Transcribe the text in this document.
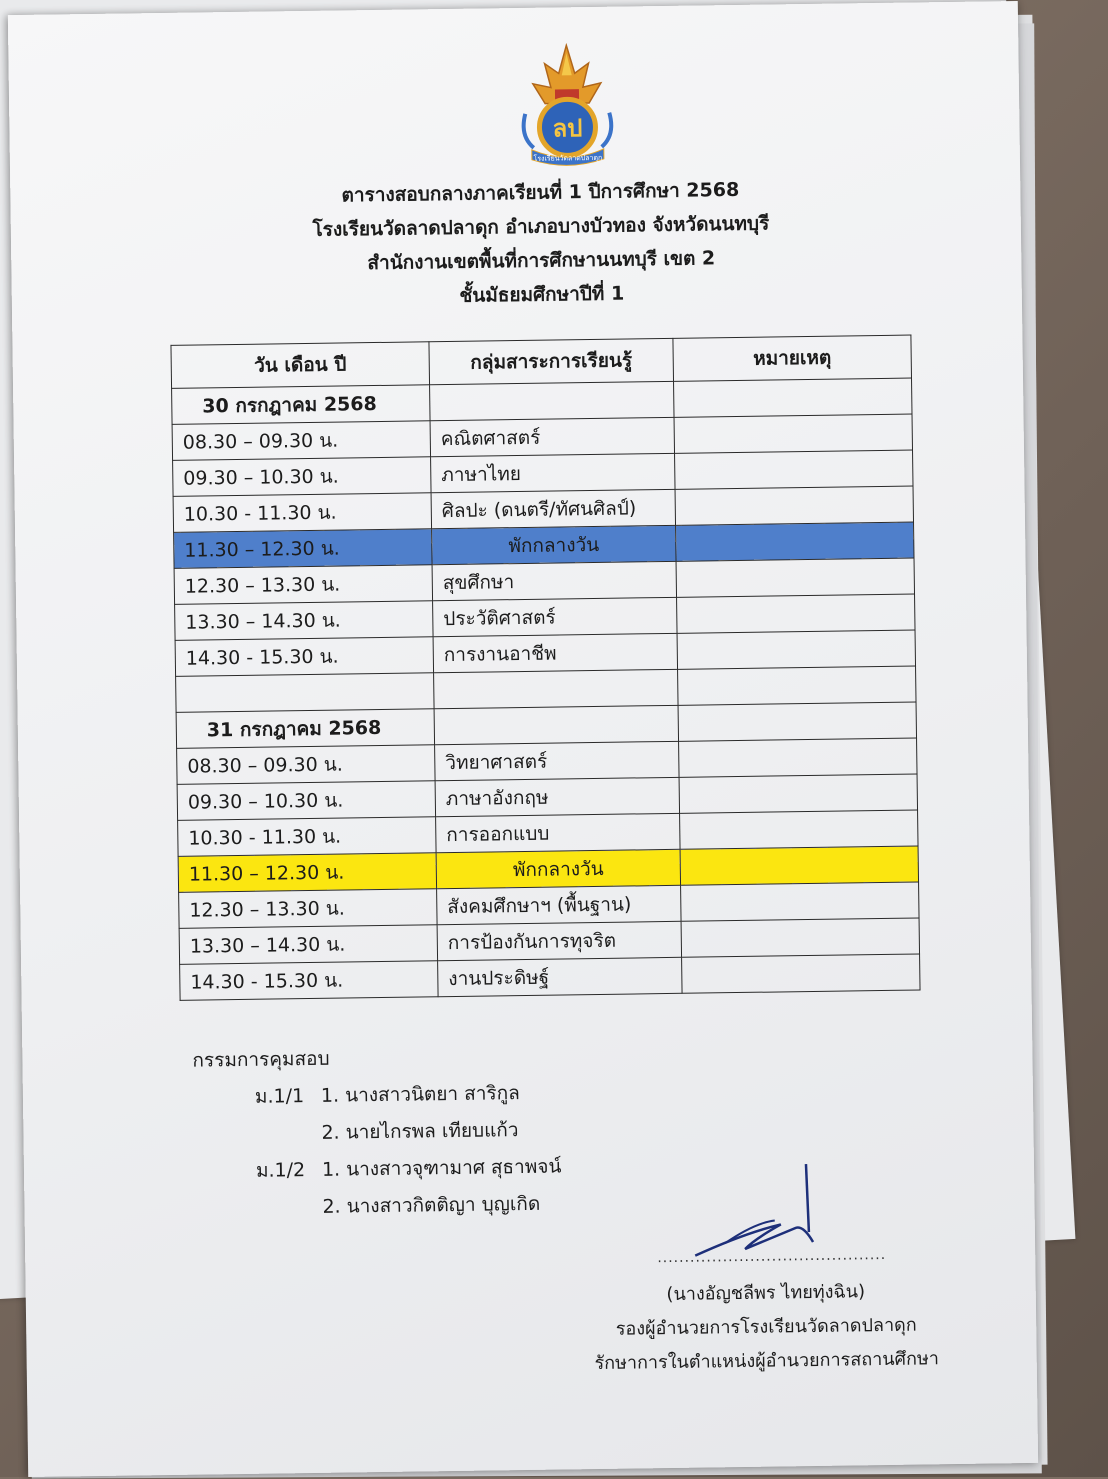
ลป
โรงเรียนวัดลาดปลาดุก
ตารางสอบกลางภาคเรียนที่ 1 ปีการศึกษา 2568
โรงเรียนวัดลาดปลาดุก อำเภอบางบัวทอง จังหวัดนนทบุรี
สำนักงานเขตพื้นที่การศึกษานนทบุรี เขต 2
ชั้นมัธยมศึกษาปีที่ 1
วัน เดือน ปี	กลุ่มสาระการเรียนรู้	หมายเหตุ
30 กรกฎาคม 2568		
08.30 – 09.30 น.	คณิตศาสตร์	
09.30 – 10.30 น.	ภาษาไทย	
10.30 - 11.30 น.	ศิลปะ (ดนตรี/ทัศนศิลป์)	
11.30 – 12.30 น.	พักกลางวัน	
12.30 – 13.30 น.	สุขศึกษา	
13.30 – 14.30 น.	ประวัติศาสตร์	
14.30 - 15.30 น.	การงานอาชีพ	

31 กรกฎาคม 2568		
08.30 – 09.30 น.	วิทยาศาสตร์	
09.30 – 10.30 น.	ภาษาอังกฤษ	
10.30 - 11.30 น.	การออกแบบ	
11.30 – 12.30 น.	พักกลางวัน	
12.30 – 13.30 น.	สังคมศึกษาฯ (พื้นฐาน)	
13.30 – 14.30 น.	การป้องกันการทุจริต	
14.30 - 15.30 น.	งานประดิษฐ์	
กรรมการคุมสอบ
ม.1/1 1. นางสาวนิตยา สาริกูล
2. นายไกรพล เทียบแก้ว
ม.1/2 1. นางสาวจุฑามาศ สุธาพจน์
2. นางสาวกิตติญา บุญเกิด
..........................................
(นางอัญชลีพร ไทยทุ่งฉิน)
รองผู้อำนวยการโรงเรียนวัดลาดปลาดุก
รักษาการในตำแหน่งผู้อำนวยการสถานศึกษา
